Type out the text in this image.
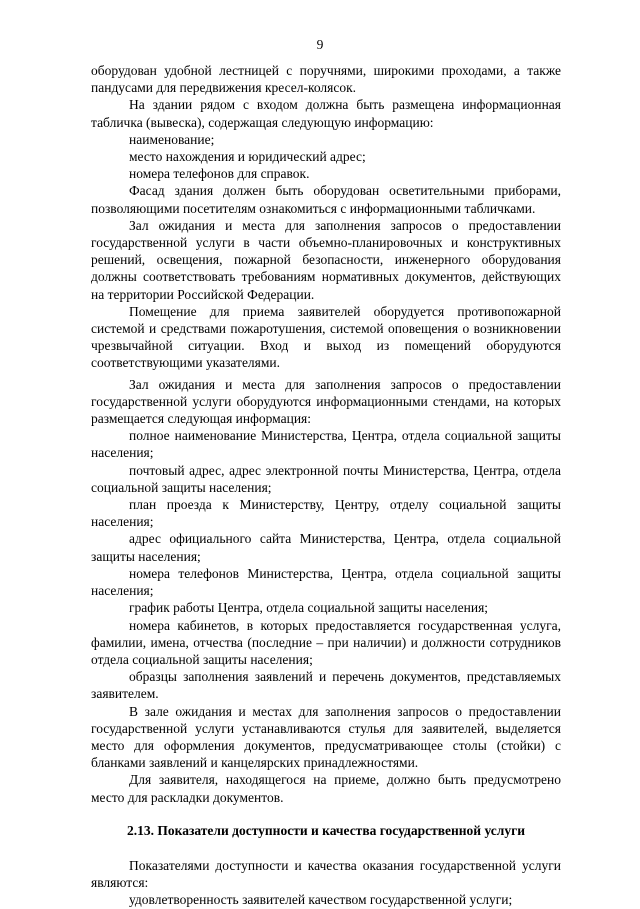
9

оборудован удобной лестницей с поручнями, широкими проходами, а также пандусами для передвижения кресел-колясок.

На здании рядом с входом должна быть размещена информационная табличка (вывеска), содержащая следующую информацию:

наименование;

место нахождения и юридический адрес;

номера телефонов для справок.

Фасад здания должен быть оборудован осветительными приборами, позволяющими посетителям ознакомиться с информационными табличками.

Зал ожидания и места для заполнения запросов о предоставлении государственной услуги в части объемно-планировочных и конструктивных решений, освещения, пожарной безопасности, инженерного оборудования должны соответствовать требованиям нормативных документов, действующих на территории Российской Федерации.

Помещение для приема заявителей оборудуется противопожарной системой и средствами пожаротушения, системой оповещения о возникновении чрезвычайной ситуации. Вход и выход из помещений оборудуются соответствующими указателями.

Зал ожидания и места для заполнения запросов о предоставлении государственной услуги оборудуются информационными стендами, на которых размещается следующая информация:

полное наименование Министерства, Центра, отдела социальной защиты населения;

почтовый адрес, адрес электронной почты Министерства, Центра, отдела социальной защиты населения;

план проезда к Министерству, Центру, отделу социальной защиты населения;

адрес официального сайта Министерства, Центра, отдела социальной защиты населения;

номера телефонов Министерства, Центра, отдела социальной защиты населения;

график работы Центра, отдела социальной защиты населения;

номера кабинетов, в которых предоставляется государственная услуга, фамилии, имена, отчества (последние – при наличии) и должности сотрудников отдела социальной защиты населения;

образцы заполнения заявлений и перечень документов, представляемых заявителем.

В зале ожидания и местах для заполнения запросов о предоставлении государственной услуги устанавливаются стулья для заявителей, выделяется место для оформления документов, предусматривающее столы (стойки) с бланками заявлений и канцелярских принадлежностями.

Для заявителя, находящегося на приеме, должно быть предусмотрено место для раскладки документов.

2.13. Показатели доступности и качества государственной услуги

Показателями доступности и качества оказания государственной услуги являются:

удовлетворенность заявителей качеством государственной услуги;
